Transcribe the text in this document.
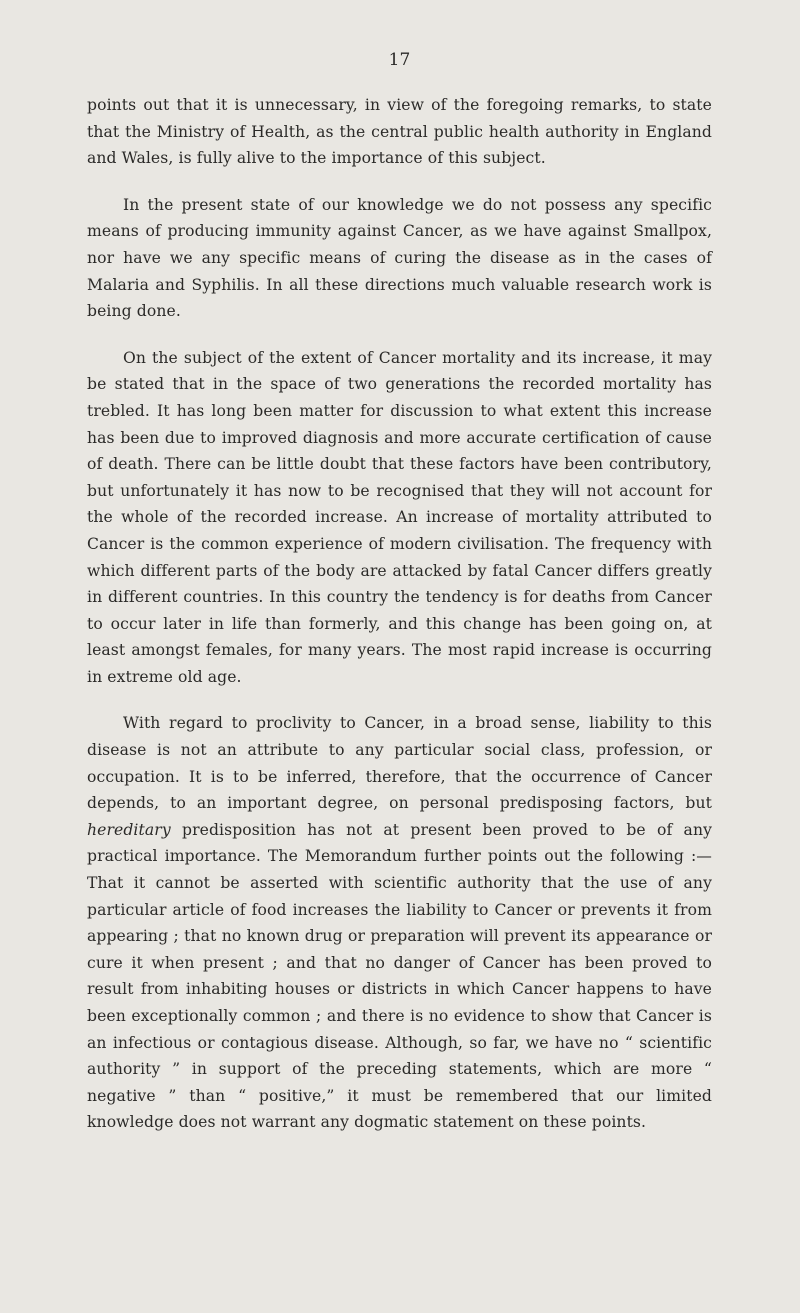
17

points out that it is unnecessary, in view of the foregoing remarks, to state that the Ministry of Health, as the central public health authority in England and Wales, is fully alive to the importance of this subject.

In the present state of our knowledge we do not possess any specific means of producing immunity against Cancer, as we have against Smallpox, nor have we any specific means of curing the disease as in the cases of Malaria and Syphilis. In all these directions much valuable research work is being done.

On the subject of the extent of Cancer mortality and its increase, it may be stated that in the space of two generations the recorded mortality has trebled. It has long been matter for discussion to what extent this increase has been due to improved diagnosis and more accurate certification of cause of death. There can be little doubt that these factors have been contributory, but unfortunately it has now to be recognised that they will not account for the whole of the recorded increase. An increase of mortality attributed to Cancer is the common experience of modern civilisation. The frequency with which different parts of the body are attacked by fatal Cancer differs greatly in different countries. In this country the tendency is for deaths from Cancer to occur later in life than formerly, and this change has been going on, at least amongst females, for many years. The most rapid increase is occurring in extreme old age.

With regard to proclivity to Cancer, in a broad sense, liability to this disease is not an attribute to any particular social class, profession, or occupation. It is to be inferred, therefore, that the occurrence of Cancer depends, to an important degree, on personal predisposing factors, but hereditary predisposition has not at present been proved to be of any practical importance. The Memorandum further points out the following :—That it cannot be asserted with scientific authority that the use of any particular article of food increases the liability to Cancer or prevents it from appearing ; that no known drug or preparation will prevent its appearance or cure it when present ; and that no danger of Cancer has been proved to result from inhabiting houses or districts in which Cancer happens to have been exceptionally common ; and there is no evidence to show that Cancer is an infectious or contagious disease. Although, so far, we have no “ scientific authority ” in support of the preceding statements, which are more “ negative ” than “ positive,” it must be remembered that our limited knowledge does not warrant any dogmatic statement on these points.
